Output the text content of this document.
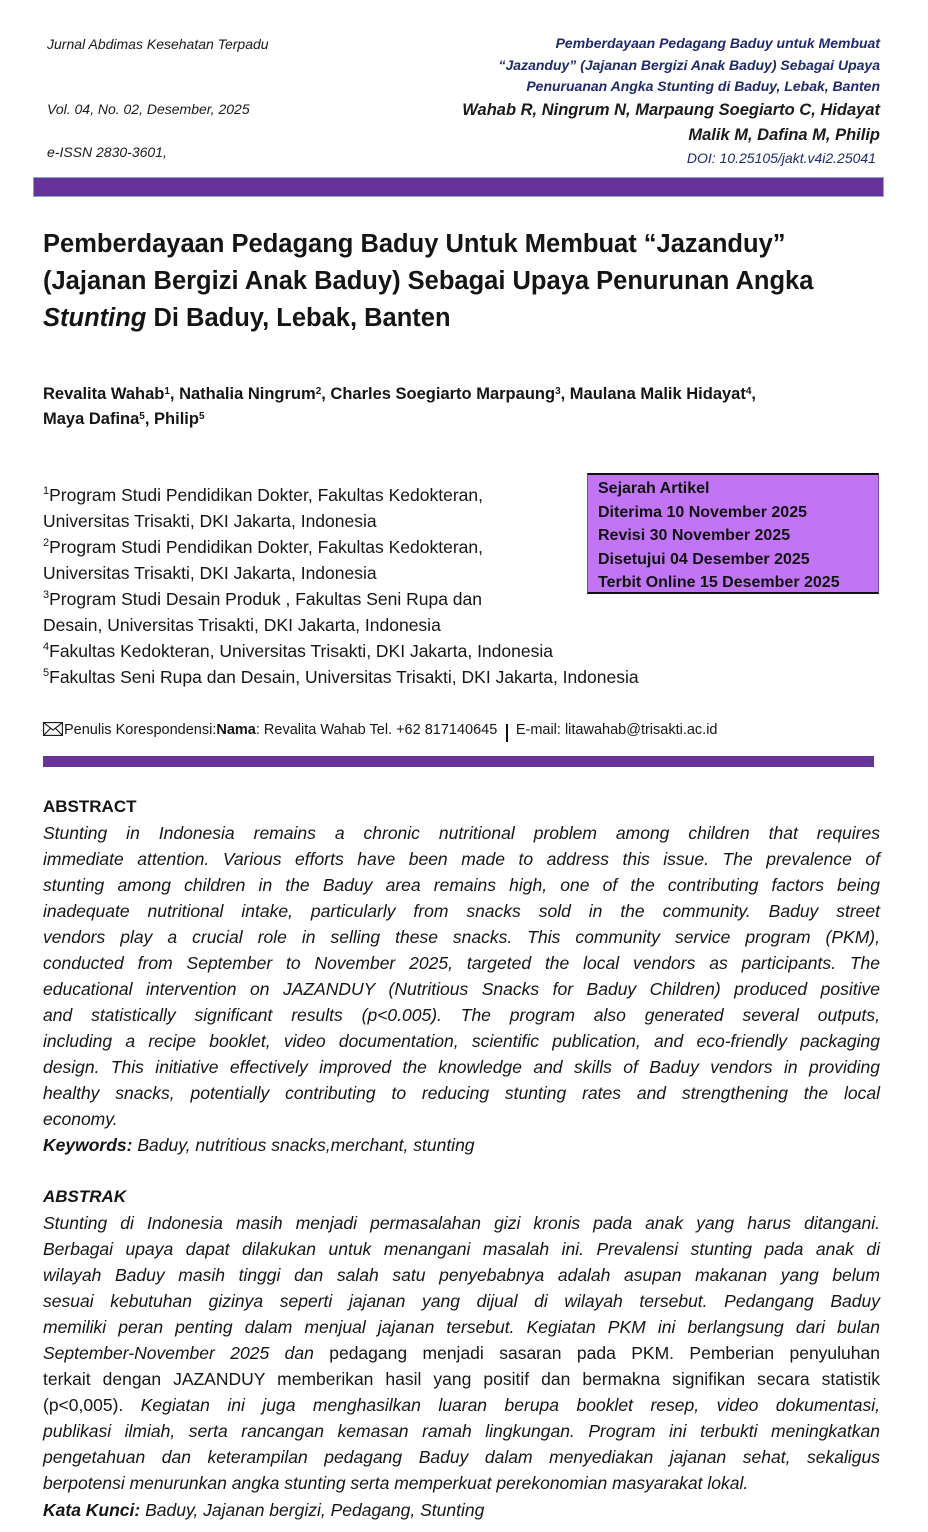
Jurnal Abdimas Kesehatan Terpadu
Vol. 04, No. 02, Desember, 2025
e-ISSN 2830-3601,
Pemberdayaan Pedagang Baduy untuk Membuat
“Jazanduy” (Jajanan Bergizi Anak Baduy) Sebagai Upaya
Penuruanan Angka Stunting di Baduy, Lebak, Banten
Wahab R, Ningrum N, Marpaung Soegiarto C, Hidayat
Malik M, Dafina M, Philip
DOI: 10.25105/jakt.v4i2.25041
Pemberdayaan Pedagang Baduy Untuk Membuat “Jazanduy”
(Jajanan Bergizi Anak Baduy) Sebagai Upaya Penurunan Angka
Stunting Di Baduy, Lebak, Banten
Revalita Wahab$^1$, Nathalia Ningrum$^2$, Charles Soegiarto Marpaung$^3$, Maulana Malik Hidayat$^4$,
Maya Dafina$^5$, Philip$^5$
$^1$Program Studi Pendidikan Dokter, Fakultas Kedokteran,
Universitas Trisakti, DKI Jakarta, Indonesia
$^2$Program Studi Pendidikan Dokter, Fakultas Kedokteran,
Universitas Trisakti, DKI Jakarta, Indonesia
$^3$Program Studi Desain Produk , Fakultas Seni Rupa dan
Desain, Universitas Trisakti, DKI Jakarta, Indonesia
$^4$Fakultas Kedokteran, Universitas Trisakti, DKI Jakarta, Indonesia
$^5$Fakultas Seni Rupa dan Desain, Universitas Trisakti, DKI Jakarta, Indonesia
Sejarah Artikel
Diterima 10 November 2025
Revisi 30 November 2025
Disetujui 04 Desember 2025
Terbit Online 15 Desember 2025
Penulis Korespondensi: Nama : Revalita Wahab Tel. +62 817140645 E-mail: litawahab@trisakti.ac.id
ABSTRACT
Stunting in Indonesia remains a chronic nutritional problem among children that requires
immediate attention. Various efforts have been made to address this issue. The prevalence of
stunting among children in the Baduy area remains high, one of the contributing factors being
inadequate nutritional intake, particularly from snacks sold in the community. Baduy street
vendors play a crucial role in selling these snacks. This community service program (PKM),
conducted from September to November 2025, targeted the local vendors as participants. The
educational intervention on JAZANDUY (Nutritious Snacks for Baduy Children) produced positive
and statistically significant results (p<0.005). The program also generated several outputs,
including a recipe booklet, video documentation, scientific publication, and eco-friendly packaging
design. This initiative effectively improved the knowledge and skills of Baduy vendors in providing
healthy snacks, potentially contributing to reducing stunting rates and strengthening the local
economy.
Keywords: Baduy, nutritious snacks,merchant, stunting
ABSTRAK
Stunting di Indonesia masih menjadi permasalahan gizi kronis pada anak yang harus ditangani.
Berbagai upaya dapat dilakukan untuk menangani masalah ini. Prevalensi stunting pada anak di
wilayah Baduy masih tinggi dan salah satu penyebabnya adalah asupan makanan yang belum
sesuai kebutuhan gizinya seperti jajanan yang dijual di wilayah tersebut. Pedangang Baduy
memiliki peran penting dalam menjual jajanan tersebut. Kegiatan PKM ini berlangsung dari bulan
September-November 2025 dan pedagang menjadi sasaran pada PKM. Pemberian penyuluhan
terkait dengan JAZANDUY memberikan hasil yang positif dan bermakna signifikan secara statistik
(p<0,005). Kegiatan ini juga menghasilkan luaran berupa booklet resep, video dokumentasi,
publikasi ilmiah, serta rancangan kemasan ramah lingkungan. Program ini terbukti meningkatkan
pengetahuan dan keterampilan pedagang Baduy dalam menyediakan jajanan sehat, sekaligus
berpotensi menurunkan angka stunting serta memperkuat perekonomian masyarakat lokal.
Kata Kunci: Baduy, Jajanan bergizi, Pedagang, Stunting
